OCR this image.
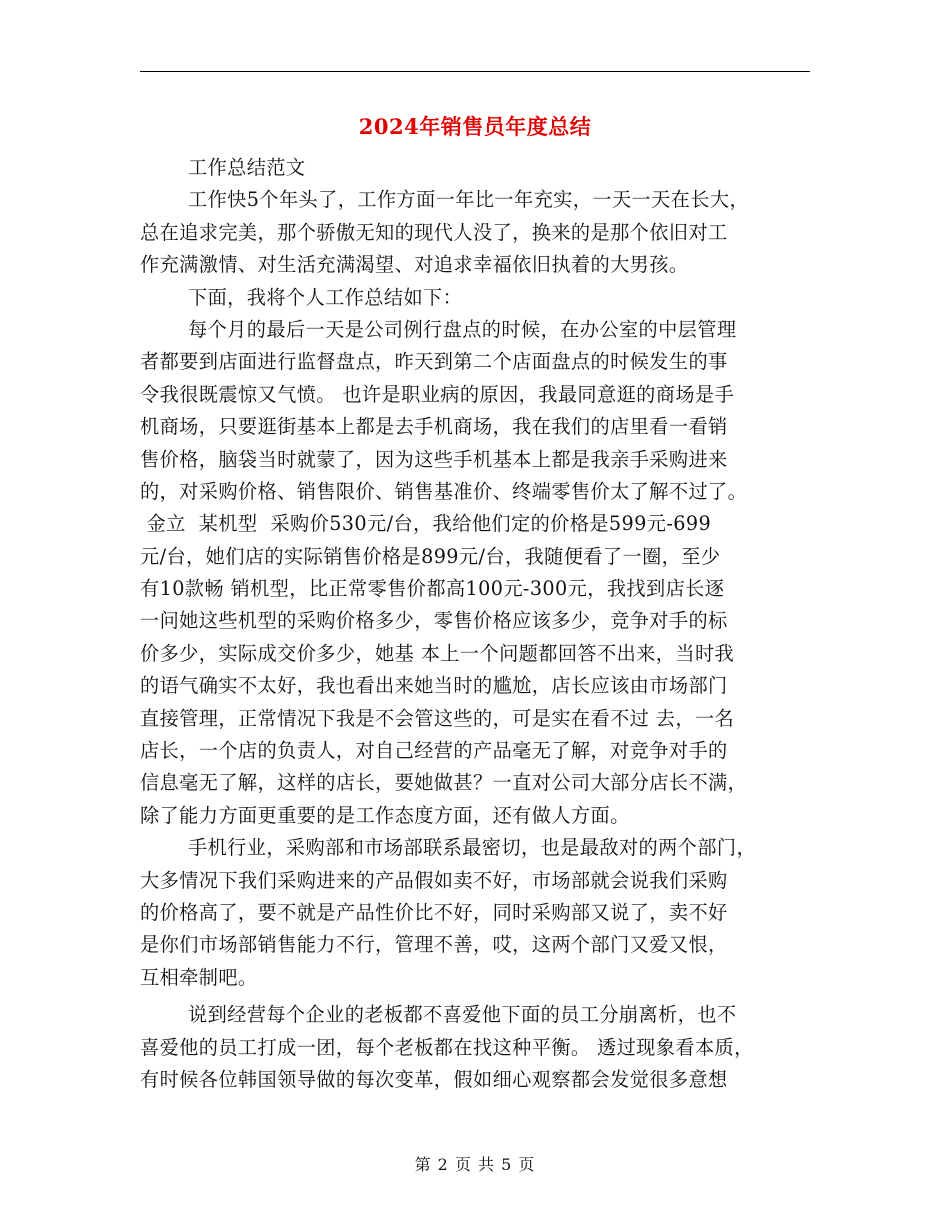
2024年销售员年度总结
工作总结范文
工作快5个年头了，工作方面一年比一年充实，一天一天在长大，
总在追求完美，那个骄傲无知的现代人没了，换来的是那个依旧对工
作充满激情、对生活充满渴望、对追求幸福依旧执着的大男孩。
下面，我将个人工作总结如下：
每个月的最后一天是公司例行盘点的时候，在办公室的中层管理
者都要到店面进行监督盘点，昨天到第二个店面盘点的时候发生的事
令我很既震惊又气愤。 也许是职业病的原因，我最同意逛的商场是手
机商场，只要逛街基本上都是去手机商场，我在我们的店里看一看销
售价格，脑袋当时就蒙了，因为这些手机基本上都是我亲手采购进来
的，对采购价格、销售限价、销售基准价、终端零售价太了解不过了。
金立  某机型  采购价530元/台，我给他们定的价格是599元-699
元/台，她们店的实际销售价格是899元/台，我随便看了一圈，至少
有10款畅 销机型，比正常零售价都高100元-300元，我找到店长逐
一问她这些机型的采购价格多少，零售价格应该多少，竞争对手的标
价多少，实际成交价多少，她基 本上一个问题都回答不出来，当时我
的语气确实不太好，我也看出来她当时的尴尬，店长应该由市场部门
直接管理，正常情况下我是不会管这些的，可是实在看不过 去，一名
店长，一个店的负责人，对自己经营的产品毫无了解，对竞争对手的
信息毫无了解，这样的店长，要她做甚？一直对公司大部分店长不满，
除了能力方面更重要的是工作态度方面，还有做人方面。
手机行业，采购部和市场部联系最密切，也是最敌对的两个部门，
大多情况下我们采购进来的产品假如卖不好，市场部就会说我们采购
的价格高了，要不就是产品性价比不好，同时采购部又说了，卖不好
是你们市场部销售能力不行，管理不善，哎，这两个部门又爱又恨，
互相牵制吧。
说到经营每个企业的老板都不喜爱他下面的员工分崩离析，也不
喜爱他的员工打成一团，每个老板都在找这种平衡。 透过现象看本质，
有时候各位韩国领导做的每次变革，假如细心观察都会发觉很多意想
第 2 页 共 5 页
